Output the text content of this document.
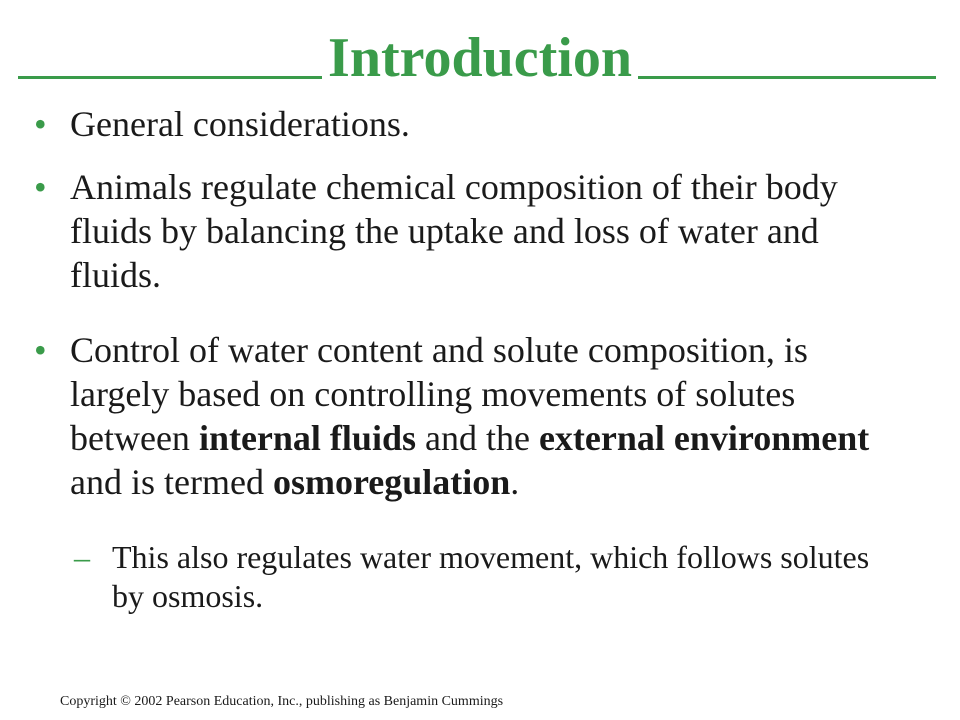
Introduction
• General considerations.
• Animals regulate chemical composition of their body fluids by balancing the uptake and loss of water and fluids.
• Control of water content and solute composition, is largely based on controlling movements of solutes between internal fluids and the external environment and is termed osmoregulation.
– This also regulates water movement, which follows solutes by osmosis.
Copyright © 2002 Pearson Education, Inc., publishing as Benjamin Cummings
